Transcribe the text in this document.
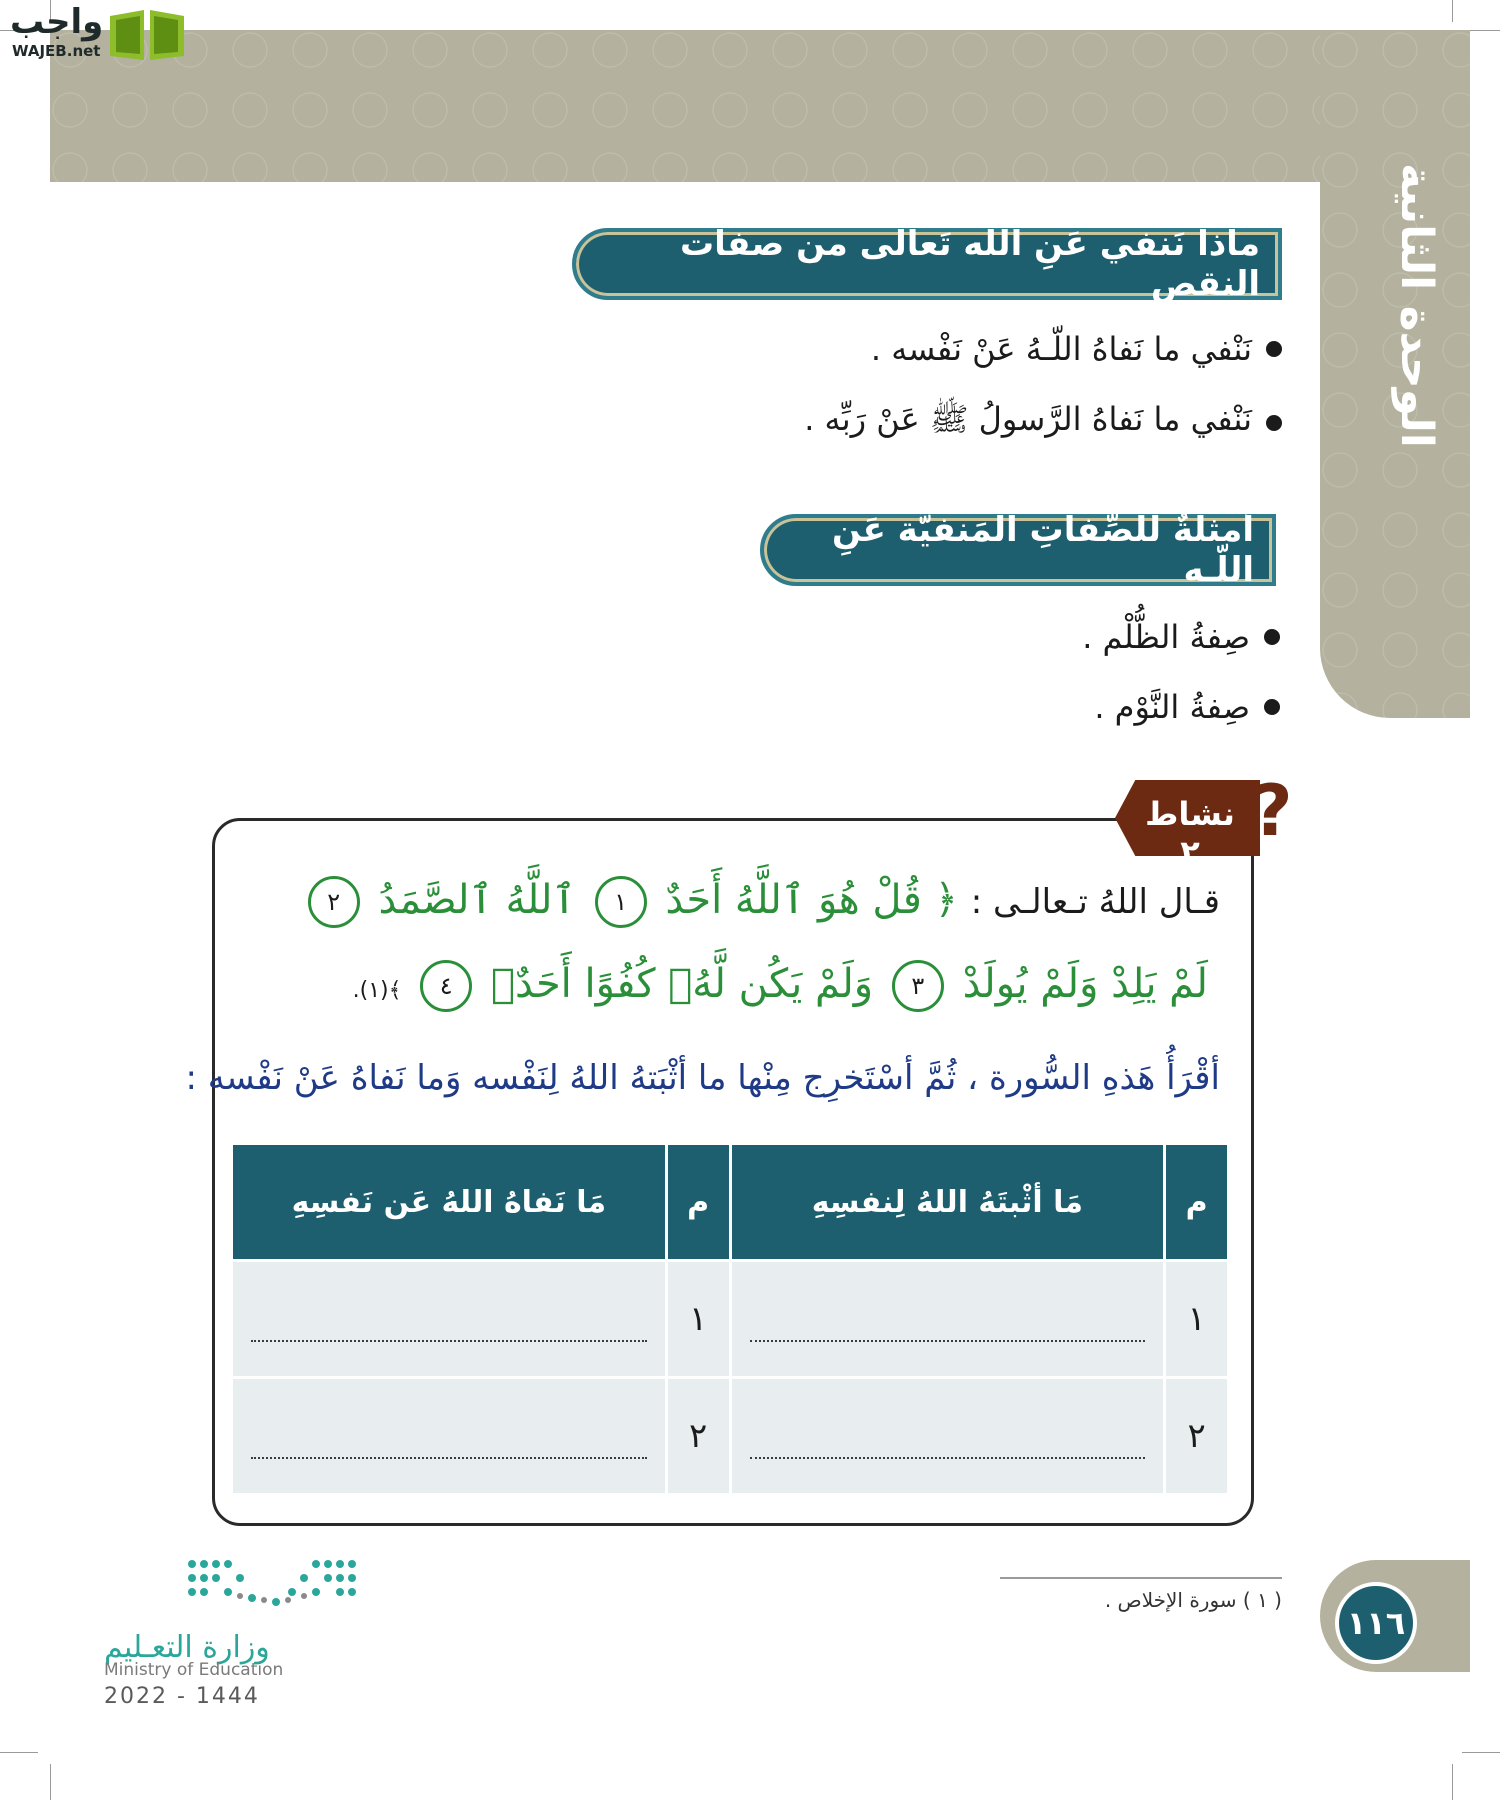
الوحدة الثانية
واجب
WAJEB.net
ماذا نَنفي عَنِ اللّه تَعالى من صفات النقص
نَنْفي ما نَفاهُ اللّـهُ عَنْ نَفْسه .
نَنْفي ما نَفاهُ الرَّسولُ ﷺ عَنْ رَبِّه .
أمثلةٌ للصِّفاتِ المَنفيَّة عَنِ اللّـه
صِفةُ الظُّلْم .
صِفةُ النَّوْم .
نشاط ٢ ?
قـال اللهُ تـعالـى : ﴿ قُلْ هُوَ ٱللَّهُ أَحَدٌ ١ ٱللَّهُ ٱلصَّمَدُ ٢
لَمْ يَلِدْ وَلَمْ يُولَدْ ٣ وَلَمْ يَكُن لَّهُۥ كُفُوًا أَحَدٌۢ ٤ ﴾(١).
أقْرَأُ هَذهِ السُّورة ، ثُمَّ أسْتَخرِج مِنْها ما أثْبَتهُ اللهُ لِنَفْسه وَما نَفاهُ عَنْ نَفْسه :
م	مَا أثْبتَهُ اللهُ لِنفسِهِ	م	مَا نَفاهُ اللهُ عَن نَفسِهِ
١		١	

٢		٢	
( ١ ) سورة الإخلاص .
١١٦
وزارة التعـليم
Ministry of Education
2022 - 1444
